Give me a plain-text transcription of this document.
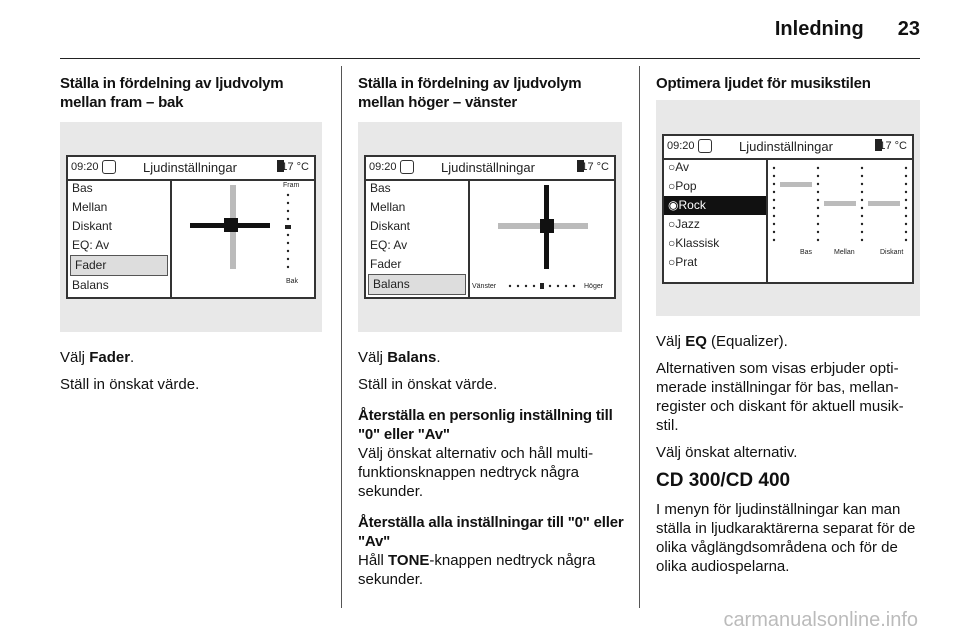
Inledning 23

Ställa in fördelning av ljudvolym mellan fram – bak

09:20	Ljudinställningar	17 °C
Bas
Mellan
Diskant
EQ: Av
Fader
Balans
Fram
Bak

Välj Fader.

Ställ in önskat värde.

Ställa in fördelning av ljudvolym mellan höger – vänster

09:20	Ljudinställningar	17 °C
Bas
Mellan
Diskant
EQ: Av
Fader
Balans	Vänster	Höger

Välj Balans.

Ställ in önskat värde.

Återställa en personlig inställning till "0" eller "Av"

Välj önskat alternativ och håll multi-funktionsknappen nedtryck några sekunder.

Återställa alla inställningar till "0" eller "Av"

Håll TONE-knappen nedtryck några sekunder.

Optimera ljudet för musikstilen

09:20	Ljudinställningar	17 °C
○Av
○Pop
◉Rock
○Jazz
○Klassisk
○Prat
Bas	Mellan	Diskant

Välj EQ (Equalizer).

Alternativen som visas erbjuder opti-merade inställningar för bas, mellan-register och diskant för aktuell musik-stil.

Välj önskat alternativ.

CD 300/CD 400

I menyn för ljudinställningar kan man ställa in ljudkaraktärerna separat för de olika våglängdsområdena och för de olika audiospelarna.

carmanualsonline.info
